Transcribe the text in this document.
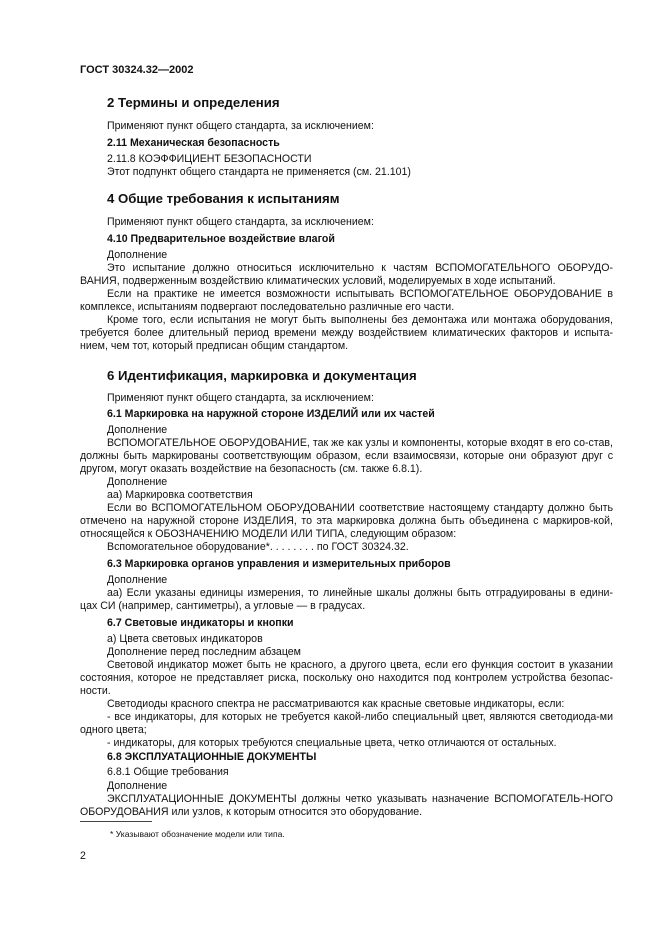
ГОСТ 30324.32—2002
2 Термины и определения
Применяют пункт общего стандарта, за исключением:
2.11 Механическая безопасность
2.11.8 КОЭФФИЦИЕНТ БЕЗОПАСНОСТИ
Этот подпункт общего стандарта не применяется (см. 21.101)
4 Общие требования к испытаниям
Применяют пункт общего стандарта, за исключением:
4.10 Предварительное воздействие влагой
Дополнение

Это испытание должно относиться исключительно к частям ВСПОМОГАТЕЛЬНОГО ОБОРУДО-ВАНИЯ, подверженным воздействию климатических условий, моделируемых в ходе испытаний.

Если на практике не имеется возможности испытывать ВСПОМОГАТЕЛЬНОЕ ОБОРУДОВАНИЕ в комплексе, испытаниям подвергают последовательно различные его части.

Кроме того, если испытания не могут быть выполнены без демонтажа или монтажа оборудования, требуется более длительный период времени между воздействием климатических факторов и испыта-нием, чем тот, который предписан общим стандартом.

6 Идентификация, маркировка и документация
Применяют пункт общего стандарта, за исключением:
6.1 Маркировка на наружной стороне ИЗДЕЛИЙ или их частей
Дополнение

ВСПОМОГАТЕЛЬНОЕ ОБОРУДОВАНИЕ, так же как узлы и компоненты, которые входят в его со-став, должны быть маркированы соответствующим образом, если взаимосвязи, которые они образуют друг с другом, могут оказать воздействие на безопасность (см. также 6.8.1).

Дополнение
аа) Маркировка соответствия

Если во ВСПОМОГАТЕЛЬНОМ ОБОРУДОВАНИИ соответствие настоящему стандарту должно быть отмечено на наружной стороне ИЗДЕЛИЯ, то эта маркировка должна быть объединена с маркиров-кой, относящейся к ОБОЗНАЧЕНИЮ МОДЕЛИ ИЛИ ТИПА, следующим образом:

Вспомогательное оборудование*. . . . . . . . по ГОСТ 30324.32.
6.3 Маркировка органов управления и измерительных приборов
Дополнение

аа) Если указаны единицы измерения, то линейные шкалы должны быть отградуированы в едини-цах СИ (например, сантиметры), а угловые — в градусах.

6.7 Световые индикаторы и кнопки
а) Цвета световых индикаторов
Дополнение перед последним абзацем

Световой индикатор может быть не красного, а другого цвета, если его функция состоит в указании состояния, которое не представляет риска, поскольку оно находится под контролем устройства безопас-ности.

Светодиоды красного спектра не рассматриваются как красные световые индикаторы, если:

- все индикаторы, для которых не требуется какой-либо специальный цвет, являются светодиода-ми одного цвета;

- индикаторы, для которых требуются специальные цвета, четко отличаются от остальных.
6.8 ЭКСПЛУАТАЦИОННЫЕ ДОКУМЕНТЫ
6.8.1 Общие требования
Дополнение

ЭКСПЛУАТАЦИОННЫЕ ДОКУМЕНТЫ должны четко указывать назначение ВСПОМОГАТЕЛЬ-НОГО ОБОРУДОВАНИЯ или узлов, к которым относится это оборудование.

* Указывают обозначение модели или типа.
2
